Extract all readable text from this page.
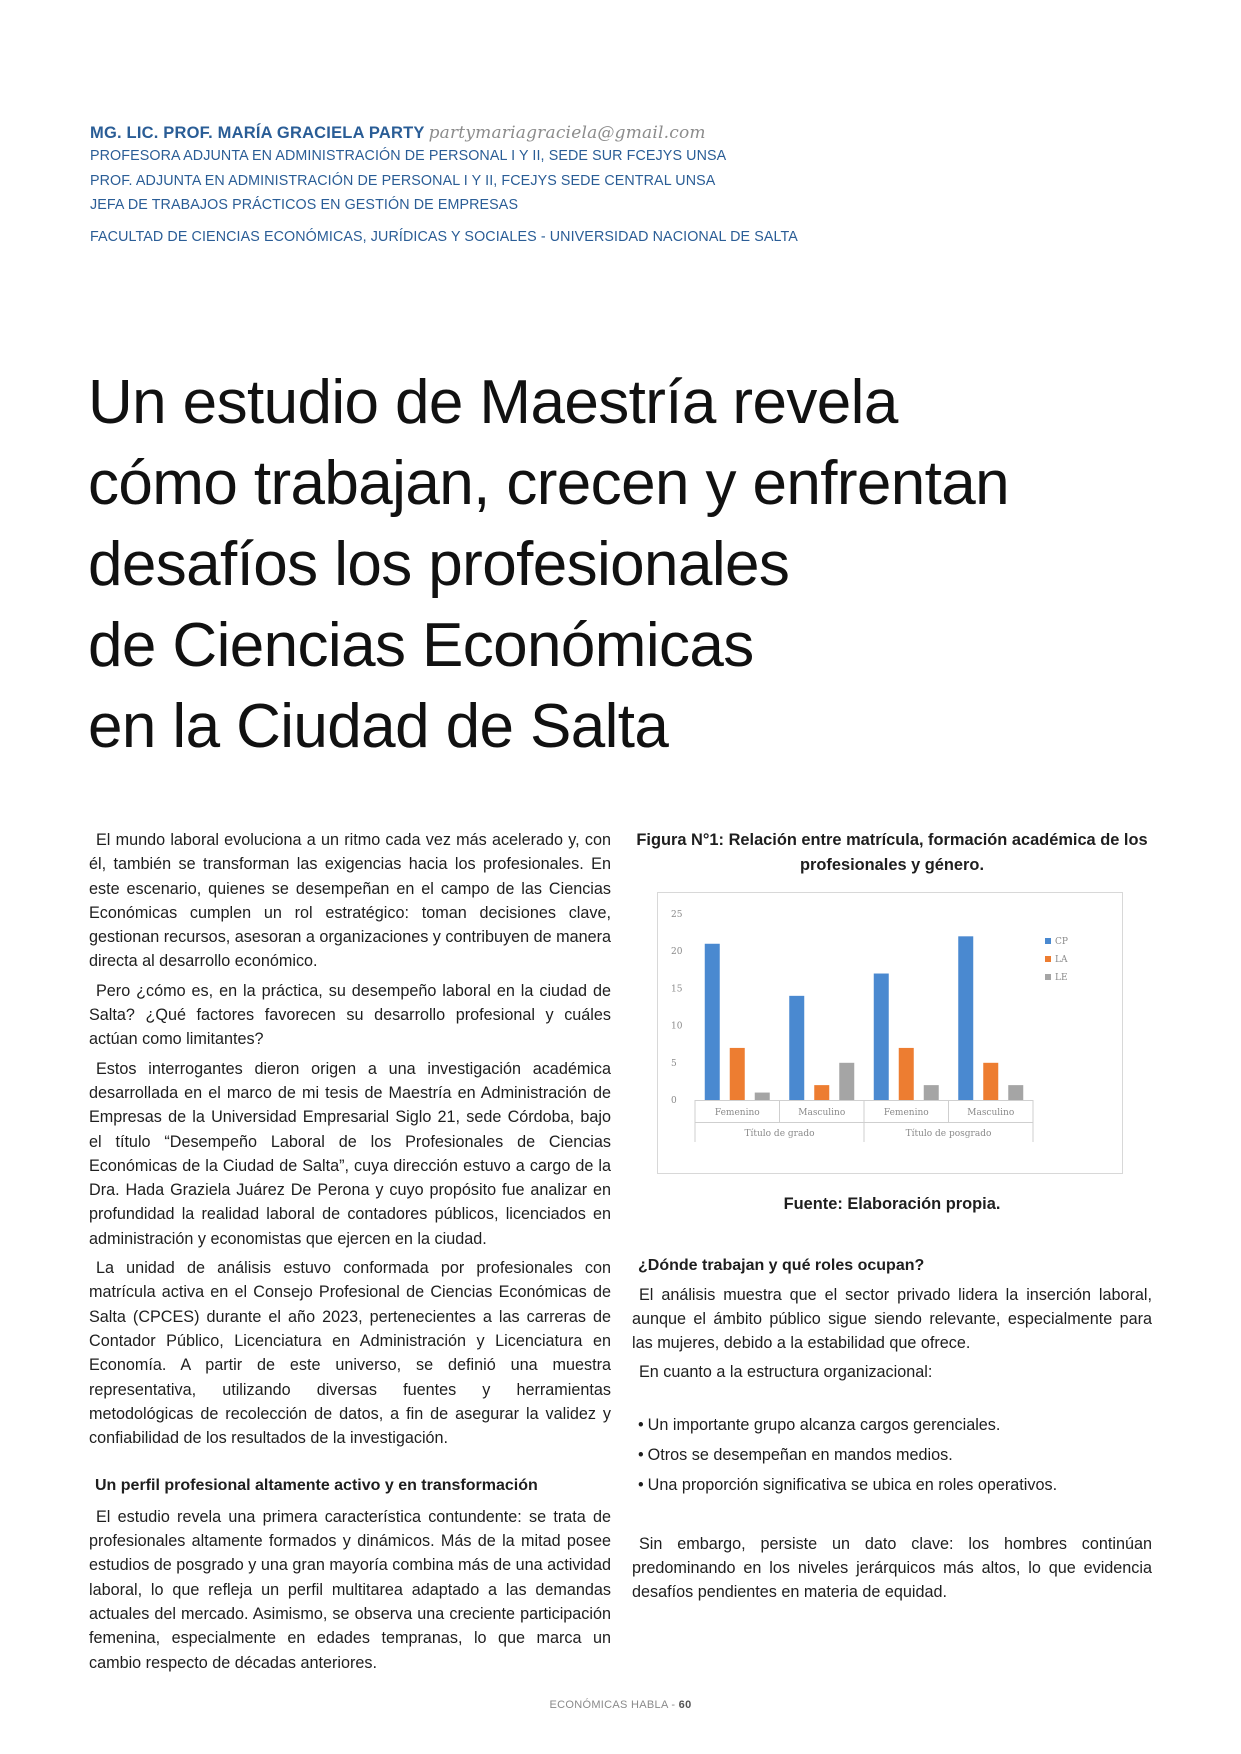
MG. LIC. PROF. MARÍA GRACIELA PARTY partymariagraciela@gmail.com
PROFESORA ADJUNTA EN ADMINISTRACIÓN DE PERSONAL I Y II, SEDE SUR FCEJYS UNSA
PROF. ADJUNTA EN ADMINISTRACIÓN DE PERSONAL I Y II, FCEJYS SEDE CENTRAL UNSA
JEFA DE TRABAJOS PRÁCTICOS EN GESTIÓN DE EMPRESAS
FACULTAD DE CIENCIAS ECONÓMICAS, JURÍDICAS Y SOCIALES - UNIVERSIDAD NACIONAL DE SALTA
Un estudio de Maestría revela
cómo trabajan, crecen y enfrentan
desafíos los profesionales
de Ciencias Económicas
en la Ciudad de Salta

El mundo laboral evoluciona a un ritmo cada vez más acelerado y, con él, también se transforman las exigencias hacia los profesionales. En este escenario, quienes se desempeñan en el campo de las Ciencias Económicas cumplen un rol estratégico: toman decisiones clave, gestionan recursos, asesoran a organizaciones y contribuyen de manera directa al desarrollo económico.

Pero ¿cómo es, en la práctica, su desempeño laboral en la ciudad de Salta? ¿Qué factores favorecen su desarrollo profesional y cuáles actúan como limitantes?

Estos interrogantes dieron origen a una investigación académica desarrollada en el marco de mi tesis de Maestría en Administración de Empresas de la Universidad Empresarial Siglo 21, sede Córdoba, bajo el título “Desempeño Laboral de los Profesionales de Ciencias Económicas de la Ciudad de Salta”, cuya dirección estuvo a cargo de la Dra. Hada Graziela Juárez De Perona y cuyo propósito fue analizar en profundidad la realidad laboral de contadores públicos, licenciados en administración y economistas que ejercen en la ciudad.

La unidad de análisis estuvo conformada por profesionales con matrícula activa en el Consejo Profesional de Ciencias Económicas de Salta (CPCES) durante el año 2023, pertenecientes a las carreras de Contador Público, Licenciatura en Administración y Licenciatura en Economía. A partir de este universo, se definió una muestra representativa, utilizando diversas fuentes y herramientas metodológicas de recolección de datos, a fin de asegurar la validez y confiabilidad de los resultados de la investigación.

Un perfil profesional altamente activo y en transformación

El estudio revela una primera característica contundente: se trata de profesionales altamente formados y dinámicos. Más de la mitad posee estudios de posgrado y una gran mayoría combina más de una actividad laboral, lo que refleja un perfil multitarea adaptado a las demandas actuales del mercado. Asimismo, se observa una creciente participación femenina, especialmente en edades tempranas, lo que marca un cambio respecto de décadas anteriores.

Figura N°1: Relación entre matrícula, formación académica de los profesionales y género.
0
5
10
15
20
25
Femenino	Masculino	Femenino	Masculino
Título de grado	Título de posgrado
CP
LA
LE
Fuente: Elaboración propia.
¿Dónde trabajan y qué roles ocupan?

El análisis muestra que el sector privado lidera la inserción laboral, aunque el ámbito público sigue siendo relevante, especialmente para las mujeres, debido a la estabilidad que ofrece.

En cuanto a la estructura organizacional:

• Un importante grupo alcanza cargos gerenciales.
• Otros se desempeñan en mandos medios.
• Una proporción significativa se ubica en roles operativos.

Sin embargo, persiste un dato clave: los hombres continúan predominando en los niveles jerárquicos más altos, lo que evidencia desafíos pendientes en materia de equidad.

ECONÓMICAS HABLA - 60
